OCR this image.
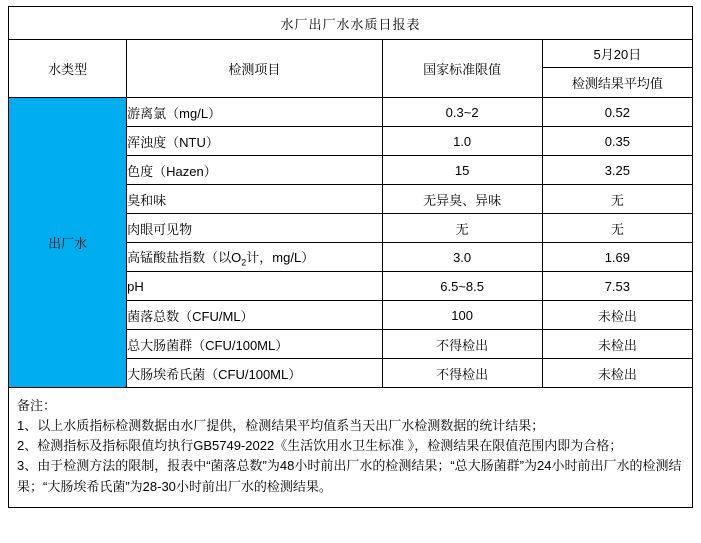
水厂出厂水水质日报表			
水类型	检测项目	国家标准限值	5月20日
			检测结果平均值
出厂水	游离氯（mg/L）	0.3~2	0.52
	浑浊度（NTU）	1.0	0.35
	色度（Hazen）	15	3.25
	臭和味	无异臭、异味	无
	肉眼可见物	无	无
	高锰酸盐指数（以$O_2$计，mg/L）	3.0	1.69
	pH	6.5~8.5	7.53
	菌落总数（CFU/ML）	100	未检出
	总大肠菌群（CFU/100ML）	不得检出	未检出
	大肠埃希氏菌（CFU/100ML）	不得检出	未检出

备注：

1、以上水质指标检测数据由水厂提供，检测结果平均值系当天出厂水检测数据的统计结果；

2、检测指标及指标限值均执行GB5749-2022《生活饮用水卫生标准 》，检测结果在限值范围内即为合格；

3、由于检测方法的限制，报表中“菌落总数”为48小时前出厂水的检测结果；“总大肠菌群”为24小时前出厂水的检测结果；“大肠埃希氏菌”为28-30小时前出厂水的检测结果。
